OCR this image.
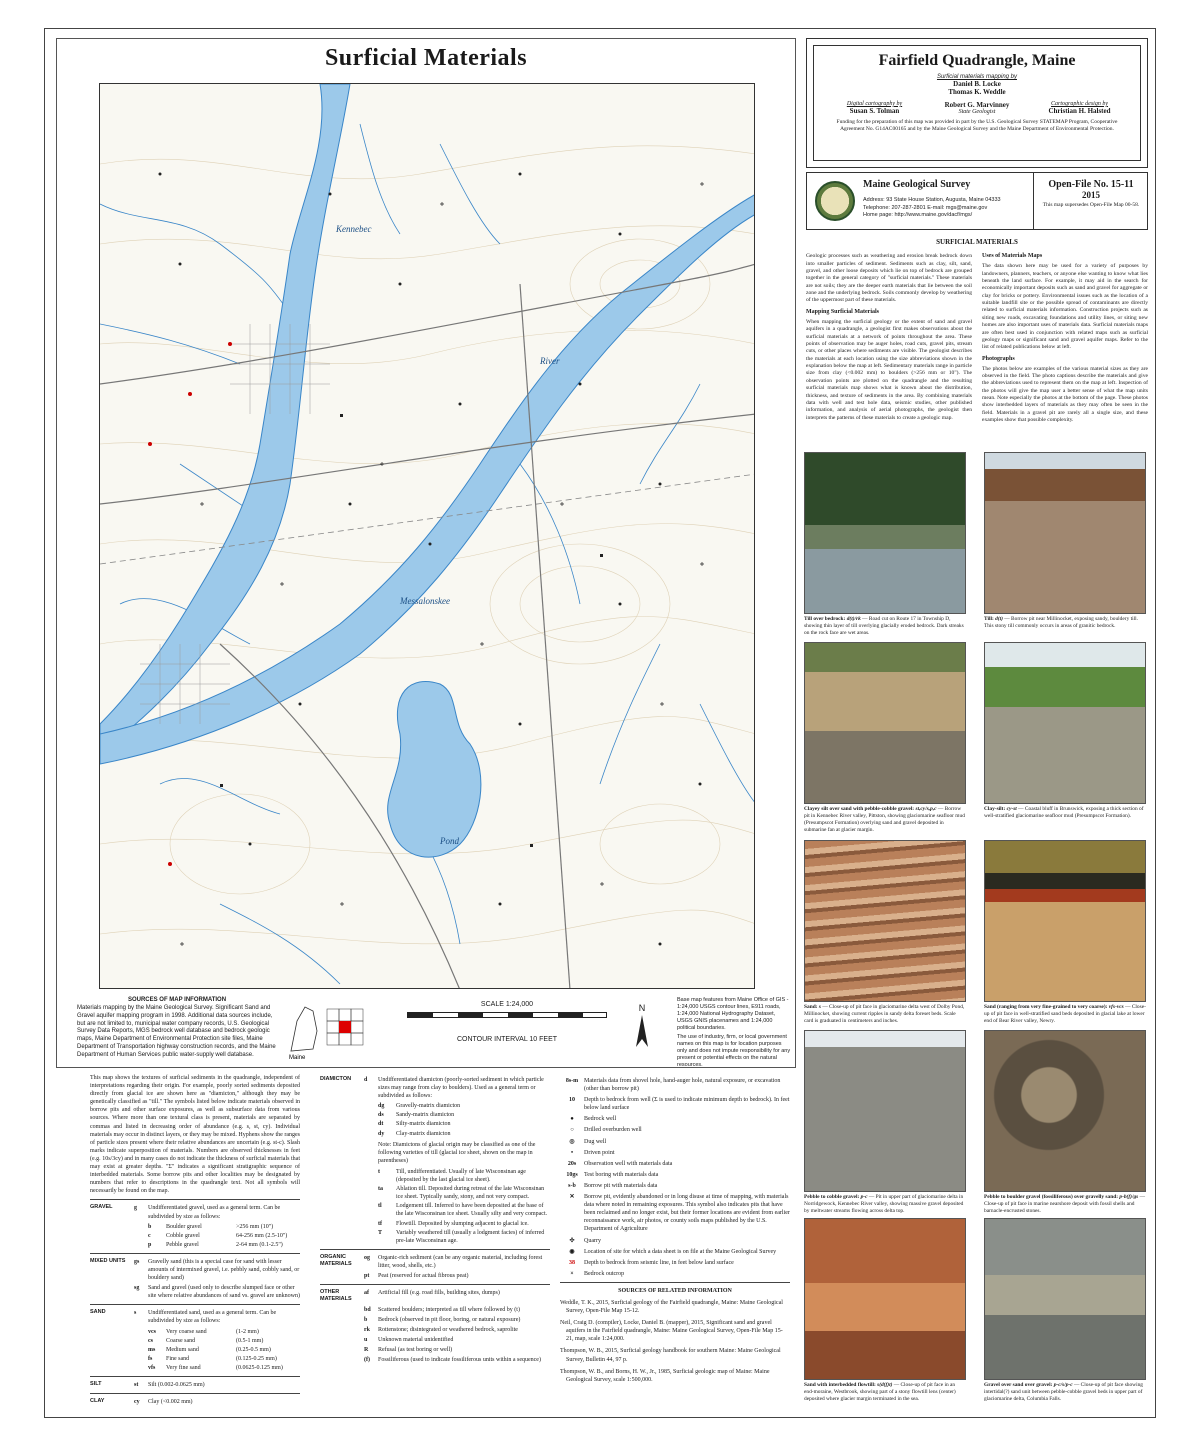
Surficial Materials
Kennebec
River
Messalonskee
Pond
SOURCES OF MAP INFORMATION

Materials mapping by the Maine Geological Survey. Significant Sand and Gravel aquifer mapping program in 1998. Additional data sources include, but are not limited to, municipal water company records, U.S. Geological Survey Data Reports, MGS bedrock well database and bedrock geologic maps, Maine Department of Environmental Protection site files, Maine Department of Transportation highway construction records, and the Maine Department of Human Services public water-supply well database.

Maine
SCALE 1:24,000
CONTOUR INTERVAL 10 FEET
N

Base map features from Maine Office of GIS - 1:24,000 USGS contour lines, E911 roads, 1:24,000 National Hydrography Dataset, USGS GNIS placenames and 1:24,000 political boundaries.

The use of industry, firm, or local government names on this map is for location purposes only and does not impute responsibility for any present or potential effects on the natural resources.

Fairfield Quadrangle, Maine
Surficial materials mapping by
Daniel B. Locke
Thomas K. Weddle
Digital cartography by
Susan S. Tolman
Robert G. Marvinney
State Geologist
Cartographic design by
Christian H. Halsted
Funding for the preparation of this map was provided in part by the U.S. Geological Survey STATEMAP Program, Cooperative Agreement No. G14AC00165 and by the Maine Geological Survey and the Maine Department of Environmental Protection.
Maine Geological Survey
Address: 93 State House Station, Augusta, Maine 04333
Telephone: 207-287-2801 E-mail: mgs@maine.gov
Home page: http://www.maine.gov/dacf/mgs/
Open-File No. 15-11
2015
This map supersedes Open-File Map 00-58.
SURFICIAL MATERIALS

Geologic processes such as weathering and erosion break bedrock down into smaller particles of sediment. Sediments such as clay, silt, sand, gravel, and other loose deposits which lie on top of bedrock are grouped together in the general category of "surficial materials." These materials are not soils; they are the deeper earth materials that lie between the soil zone and the underlying bedrock. Soils commonly develop by weathering of the uppermost part of these materials.

Mapping Surficial Materials

When mapping the surficial geology or the extent of sand and gravel aquifers in a quadrangle, a geologist first makes observations about the surficial materials at a network of points throughout the area. These points of observation may be auger holes, road cuts, gravel pits, stream cuts, or other places where sediments are visible. The geologist describes the materials at each location using the size abbreviations shown in the explanation below the map at left. Sedimentary materials range in particle size from clay (<0.002 mm) to boulders (>256 mm or 10"). The observation points are plotted on the quadrangle and the resulting surficial materials map shows what is known about the distribution, thickness, and texture of sediments in the area. By combining materials data with well and test hole data, seismic studies, other published information, and analysis of aerial photographs, the geologist then interprets the patterns of these materials to create a geologic map.

Uses of Materials Maps

The data shown here may be used for a variety of purposes by landowners, planners, teachers, or anyone else wanting to know what lies beneath the land surface. For example, it may aid in the search for economically important deposits such as sand and gravel for aggregate or clay for bricks or pottery. Environmental issues such as the location of a suitable landfill site or the possible spread of contaminants are directly related to surficial materials information. Construction projects such as siting new roads, excavating foundations and utility lines, or siting new homes are also important uses of materials data. Surficial materials maps are often best used in conjunction with related maps such as surficial geology maps or significant sand and gravel aquifer maps. Refer to the list of related publications below at left.

Photographs

The photos below are examples of the various material sizes as they are observed in the field. The photo captions describe the materials and give the abbreviations used to represent them on the map at left. Inspection of the photos will give the map user a better sense of what the map units mean. Note especially the photos at the bottom of the page. These photos show interbedded layers of materials as they may often be seen in the field. Materials in a gravel pit are rarely all a single size, and these examples show that possible complexity.

Till over bedrock: d(t)/rk — Road cut on Route 17 in Township D, showing thin layer of till overlying glacially eroded bedrock. Dark streaks on the rock face are wet areas.
Till: d(t) — Borrow pit near Millinocket, exposing sandy, bouldery till. This stony till commonly occurs in areas of granitic bedrock.
Clayey silt over sand with pebble-cobble gravel: st,cy/s,p,c — Borrow pit in Kennebec River valley, Pittston, showing glaciomarine seafloor mud (Presumpscot Formation) overlying sand and gravel deposited in submarine fan at glacier margin.
Clay-silt: cy-st — Coastal bluff in Brunswick, exposing a thick section of well-stratified glaciomarine seafloor mud (Presumpscot Formation).
Sand: s — Close-up of pit face in glaciomarine delta west of Dolby Pond, Millinocket, showing current ripples in sandy delta foreset beds. Scale card is graduated in centimeters and inches.
Sand (ranging from very fine-grained to very coarse): vfs-vcs — Close-up of pit face in well-stratified sand beds deposited in glacial lake at lower end of Bear River valley, Newry.
Pebble to cobble gravel: p-c — Pit in upper part of glaciomarine delta in Norridgewock, Kennebec River valley, showing massive gravel deposited by meltwater streams flowing across delta top.
Pebble to boulder gravel (fossiliferous) over gravelly sand: p-b(f)/gs — Close-up of pit face in marine nearshore deposit with fossil shells and barnacle-encrusted stones.
Sand with interbedded flowtill: s(d(f)t) — Close-up of pit face in an end-moraine, Westbrook, showing part of a stony flowtill lens (center) deposited where glacier margin terminated in the sea.
Gravel over sand over gravel: p-c/s/p-c — Close-up of pit face showing intertidal(?) sand unit between pebble-cobble gravel beds in upper part of glaciomarine delta, Columbia Falls.

This map shows the textures of surficial sediments in the quadrangle, independent of interpretations regarding their origin. For example, poorly sorted sediments deposited directly from glacial ice are shown here as "diamicton," although they may be genetically classified as "till." The symbols listed below indicate materials observed in borrow pits and other surface exposures, as well as subsurface data from various sources. Where more than one textural class is present, materials are separated by commas and listed in decreasing order of abundance (e.g. s, st, cy). Individual materials may occur in distinct layers, or they may be mixed. Hyphens show the ranges of particle sizes present where their relative abundances are uncertain (e.g. st-c). Slash marks indicate superposition of materials. Numbers are observed thicknesses in feet (e.g. 10s/3cy) and in many cases do not indicate the thickness of surficial materials that may exist at greater depths. "Σ" indicates a significant stratigraphic sequence of interbedded materials. Some borrow pits and other localities may be designated by numbers that refer to descriptions in the quadrangle text. Not all symbols will necessarily be found on the map.

GRAVEL	g	Undifferentiated gravel, used as a general term. Can be subdivided by size as follows:
b	Boulder gravel	>256 mm (10")
c	Cobble gravel	64-256 mm (2.5-10")
p	Pebble gravel	2-64 mm (0.1-2.5")
MIXED UNITS	gs	Gravelly sand (this is a special case for sand with lesser amounts of intermixed gravel, i.e. pebbly sand, cobbly sand, or bouldery sand)
sg	Sand and gravel (used only to describe slumped face or other site where relative abundances of sand vs. gravel are unknown)
SAND	s	Undifferentiated sand, used as a general term. Can be subdivided by size as follows:
vcs	Very coarse sand	(1-2 mm)
cs	Coarse sand	(0.5-1 mm)
ms	Medium sand	(0.25-0.5 mm)
fs	Fine sand	(0.125-0.25 mm)
vfs	Very fine sand	(0.0625-0.125 mm)
SILT	st	Silt (0.002-0.0625 mm)
CLAY	cy	Clay (<0.002 mm)
DIAMICTON	d	Undifferentiated diamicton (poorly-sorted sediment in which particle sizes may range from clay to boulders). Used as a general term or subdivided as follows:
dg	Gravelly-matrix diamicton
ds	Sandy-matrix diamicton
dt	Silty-matrix diamicton
dy	Clay-matrix diamicton

Note: Diamictons of glacial origin may be classified as one of the following varieties of till (glacial ice sheet, shown on the map in parentheses)

t	Till, undifferentiated. Usually of late Wisconsinan age (deposited by the last glacial ice sheet).
ta	Ablation till. Deposited during retreat of the late Wisconsinan ice sheet. Typically sandy, stony, and not very compact.
tl	Lodgement till. Inferred to have been deposited at the base of the late Wisconsinan ice sheet. Usually silty and very compact.
tf	Flowtill. Deposited by slumping adjacent to glacial ice.
T	Variably weathered till (usually a lodgment facies) of inferred pre-late Wisconsinan age.
ORGANIC MATERIALS
og	Organic-rich sediment (can be any organic material, including forest litter, wood, shells, etc.)
pt	Peat (reserved for actual fibrous peat)
OTHER MATERIALS
af	Artificial fill (e.g. road fills, building sites, dumps)
bd	Scattered boulders; interpreted as till where followed by (t)
b	Bedrock (observed in pit floor, boring, or natural exposure)
rk	Rottenstone; disintegrated or weathered bedrock, saprolite
u	Unknown material unidentified
R	Refusal (as test boring or well)
(f)	Fossiliferous (used to indicate fossiliferous units within a sequence)
8s-m Materials data from shovel hole, hand-auger hole, natural exposure, or excavation (other than borrow pit)
10	Depth to bedrock from well (Σ is used to indicate minimum depth to bedrock). In feet below land surface
●	Bedrock well
○	Drilled overburden well
◎	Dug well
•	Driven point
20s	Observation well with materials data
10gs	Test boring with materials data
s-b	Borrow pit with materials data
✕	Borrow pit, evidently abandoned or in long disuse at time of mapping, with materials data where noted in remaining exposures. This symbol also indicates pits that have been reclaimed and no longer exist, but their former locations are evident from earlier reconnaissance work, air photos, or county soils maps published by the U.S. Department of Agriculture
✣	Quarry
◉	Location of site for which a data sheet is on file at the Maine Geological Survey
38	Depth to bedrock from seismic line, in feet below land surface
×	Bedrock outcrop
SOURCES OF RELATED INFORMATION

Weddle, T. K., 2015, Surficial geology of the Fairfield quadrangle, Maine: Maine Geological Survey, Open-File Map 15-12.

Neil, Craig D. (compiler), Locke, Daniel B. (mapper), 2015, Significant sand and gravel aquifers in the Fairfield quadrangle, Maine: Maine Geological Survey, Open-File Map 15-21, map, scale 1:24,000.

Thompson, W. B., 2015, Surficial geology handbook for southern Maine: Maine Geological Survey, Bulletin 44, 97 p.

Thompson, W. B., and Borns, H. W., Jr., 1985, Surficial geologic map of Maine: Maine Geological Survey, scale 1:500,000.
